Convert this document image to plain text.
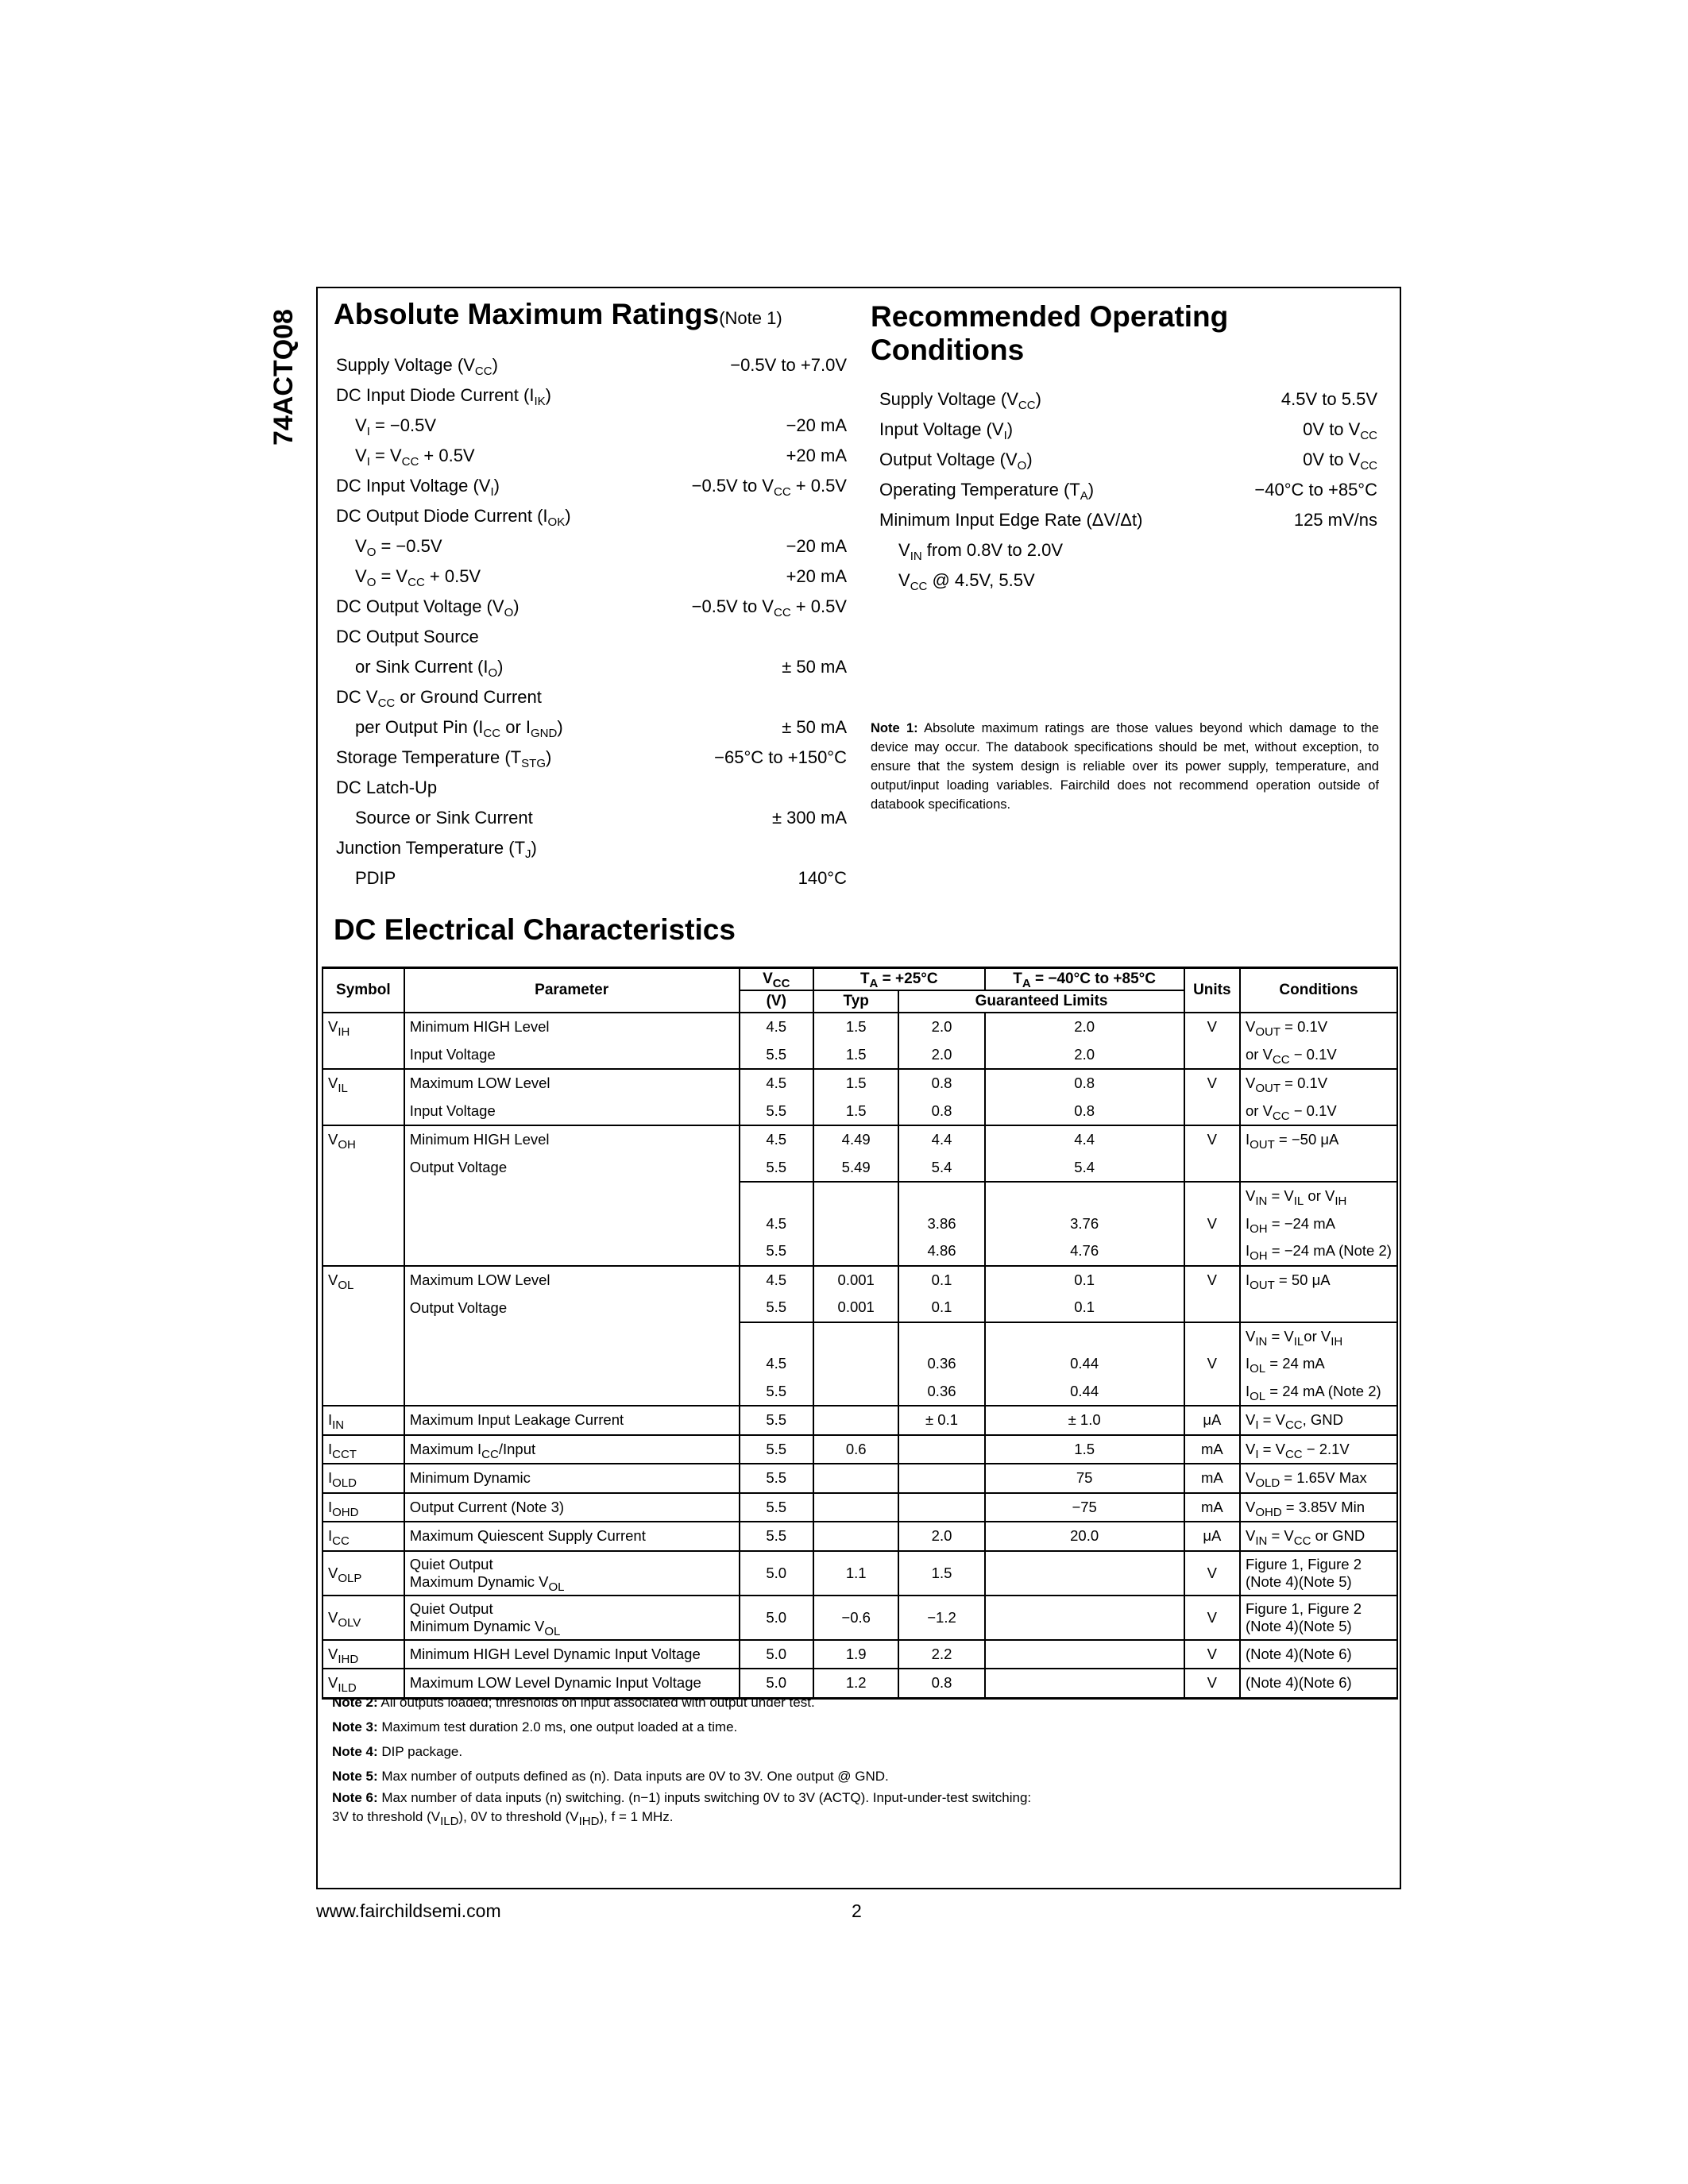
74ACTQ08 Absolute Maximum Ratings(Note 1)
Supply Voltage $(V_{CC})$	−0.5V to +7.0V
DC Input Diode Current $(I_{IK})$
$V_I = -0.5V$	−20 mA
$V_I = V_{CC} + 0.5V$	+20 mA
DC Input Voltage $(V_I)$	−0.5V to $V_{CC} + 0.5V$
DC Output Diode Current $(I_{OK})$
$V_O = -0.5V$	−20 mA
$V_O = V_{CC} + 0.5V$	+20 mA
DC Output Voltage $(V_O)$	−0.5V to $V_{CC} + 0.5V$
DC Output Source
or Sink Current $(I_O)$	± 50 mA
DC $V_{CC}$ or Ground Current
per Output Pin ($I_{CC}$ or $I_{GND}$)	± 50 mA
Storage Temperature $(T_{STG})$	−65°C to +150°C
DC Latch-Up
Source or Sink Current	± 300 mA
Junction Temperature $(T_J)$
PDIP	140°C
Recommended Operating
Conditions
Supply Voltage $(V_{CC})$	4.5V to 5.5V
Input Voltage $(V_I)$	0V to $V_{CC}$
Output Voltage $(V_O)$	0V to $V_{CC}$
Operating Temperature $(T_A)$	−40°C to +85°C
Minimum Input Edge Rate (ΔV/Δt)	125 mV/ns
$V_{IN}$ from 0.8V to 2.0V
$V_{CC}$ @ 4.5V, 5.5V
Note 1: Absolute maximum ratings are those values beyond which damage to the device may occur. The databook specifications should be met, without exception, to ensure that the system design is reliable over its power supply, temperature, and output/input loading variables. Fairchild does not recommend operation outside of databook specifications.
DC Electrical Characteristics
Symbol	Parameter	$V_{CC}$	$T_A = +25^\circ C$		$T_A = -40^\circ C$ to +85°C	Units	Conditions
		(V)	Typ	Guaranteed Limits			
$V_{IH}$	Minimum HIGH Level	4.5	1.5	2.0	2.0	V	$V_{OUT} = 0.1V$
	Input Voltage	5.5	1.5	2.0	2.0		or $V_{CC} - 0.1V$
$V_{IL}$	Maximum LOW Level	4.5	1.5	0.8	0.8	V	$V_{OUT} = 0.1V$
	Input Voltage	5.5	1.5	0.8	0.8		or $V_{CC} - 0.1V$
$V_{OH}$	Minimum HIGH Level	4.5	4.49	4.4	4.4	V	$I_{OUT} = -50$ μA
	Output Voltage	5.5	5.49	5.4	5.4		
							$V_{IN} = V_{IL}$ or $V_{IH}$
		4.5		3.86	3.76	V	$I_{OH} = -24$ mA
		5.5		4.86	4.76		$I_{OH} = -24$ mA (Note 2)
$V_{OL}$	Maximum LOW Level	4.5	0.001	0.1	0.1	V	$I_{OUT} = 50$ μA
	Output Voltage	5.5	0.001	0.1	0.1		
							$V_{IN} = V_{IL}or$ $V_{IH}$
		4.5		0.36	0.44	V	$I_{OL} = 24$ mA
		5.5		0.36	0.44		$I_{OL} = 24$ mA (Note 2)
$I_{IN}$	Maximum Input Leakage Current	5.5		± 0.1	± 1.0	μA	$V_I = V_{CC}$, GND
$I_{CCT}$	Maximum $I_{CC}$/Input	5.5	0.6		1.5	mA	$V_I = V_{CC} - 2.1V$
$I_{OLD}$	Minimum Dynamic	5.5			75	mA	$V_{OLD} = 1.65V$ Max
$I_{OHD}$	Output Current (Note 3)	5.5			−75	mA	$V_{OHD} = 3.85V$ Min
$I_{CC}$	Maximum Quiescent Supply Current	5.5		2.0	20.0	μA	$V_{IN} = V_{CC}$ or GND
$V_{OLP}$	Quiet Output
Maximum Dynamic $V_{OL}$	5.0	1.1	1.5		V	Figure 1, Figure 2
(Note 4)(Note 5)
$V_{OLV}$	Quiet Output
Minimum Dynamic $V_{OL}$	5.0	−0.6	−1.2		V	Figure 1, Figure 2
(Note 4)(Note 5)
$V_{IHD}$	Minimum HIGH Level Dynamic Input Voltage	5.0	1.9	2.2		V	(Note 4)(Note 6)
$V_{ILD}$	Maximum LOW Level Dynamic Input Voltage	5.0	1.2	0.8		V	(Note 4)(Note 6)
Note 2: All outputs loaded; thresholds on input associated with output under test.
Note 3: Maximum test duration 2.0 ms, one output loaded at a time.
Note 4: DIP package.
Note 5: Max number of outputs defined as (n). Data inputs are 0V to 3V. One output @ GND.
Note 6: Max number of data inputs (n) switching. (n−1) inputs switching 0V to 3V (ACTQ). Input-under-test switching:
3V to threshold $(V_{ILD})$, 0V to threshold $(V_{IHD})$, f = 1 MHz.
www.fairchildsemi.com	2
